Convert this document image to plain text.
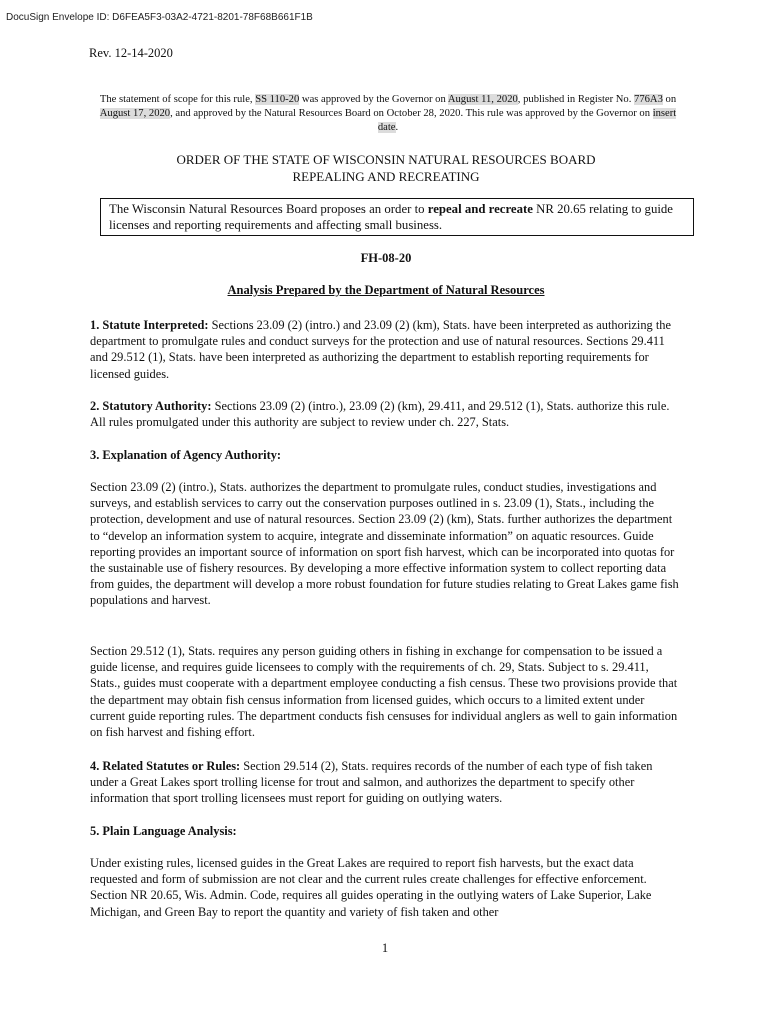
DocuSign Envelope ID: D6FEA5F3-03A2-4721-8201-78F68B661F1B
Rev. 12-14-2020
The statement of scope for this rule, SS 110-20 was approved by the Governor on August 11, 2020, published in Register No. 776A3 on August 17, 2020, and approved by the Natural Resources Board on October 28, 2020. This rule was approved by the Governor on insert date.
ORDER OF THE STATE OF WISCONSIN NATURAL RESOURCES BOARD
REPEALING AND RECREATING
The Wisconsin Natural Resources Board proposes an order to repeal and recreate NR 20.65 relating to guide licenses and reporting requirements and affecting small business.
FH-08-20
Analysis Prepared by the Department of Natural Resources
1. Statute Interpreted: Sections 23.09 (2) (intro.) and 23.09 (2) (km), Stats. have been interpreted as authorizing the department to promulgate rules and conduct surveys for the protection and use of natural resources. Sections 29.411 and 29.512 (1), Stats. have been interpreted as authorizing the department to establish reporting requirements for licensed guides.
2. Statutory Authority: Sections 23.09 (2) (intro.), 23.09 (2) (km), 29.411, and 29.512 (1), Stats. authorize this rule. All rules promulgated under this authority are subject to review under ch. 227, Stats.
3. Explanation of Agency Authority:
Section 23.09 (2) (intro.), Stats. authorizes the department to promulgate rules, conduct studies, investigations and surveys, and establish services to carry out the conservation purposes outlined in s. 23.09 (1), Stats., including the protection, development and use of natural resources. Section 23.09 (2) (km), Stats. further authorizes the department to “develop an information system to acquire, integrate and disseminate information” on aquatic resources. Guide reporting provides an important source of information on sport fish harvest, which can be incorporated into quotas for the sustainable use of fishery resources. By developing a more effective information system to collect reporting data from guides, the department will develop a more robust foundation for future studies relating to Great Lakes game fish populations and harvest.
Section 29.512 (1), Stats. requires any person guiding others in fishing in exchange for compensation to be issued a guide license, and requires guide licensees to comply with the requirements of ch. 29, Stats. Subject to s. 29.411, Stats., guides must cooperate with a department employee conducting a fish census. These two provisions provide that the department may obtain fish census information from licensed guides, which occurs to a limited extent under current guide reporting rules. The department conducts fish censuses for individual anglers as well to gain information on fish harvest and fishing effort.
4. Related Statutes or Rules: Section 29.514 (2), Stats. requires records of the number of each type of fish taken under a Great Lakes sport trolling license for trout and salmon, and authorizes the department to specify other information that sport trolling licensees must report for guiding on outlying waters.
5. Plain Language Analysis:
Under existing rules, licensed guides in the Great Lakes are required to report fish harvests, but the exact data requested and form of submission are not clear and the current rules create challenges for effective enforcement. Section NR 20.65, Wis. Admin. Code, requires all guides operating in the outlying waters of Lake Superior, Lake Michigan, and Green Bay to report the quantity and variety of fish taken and other
1
